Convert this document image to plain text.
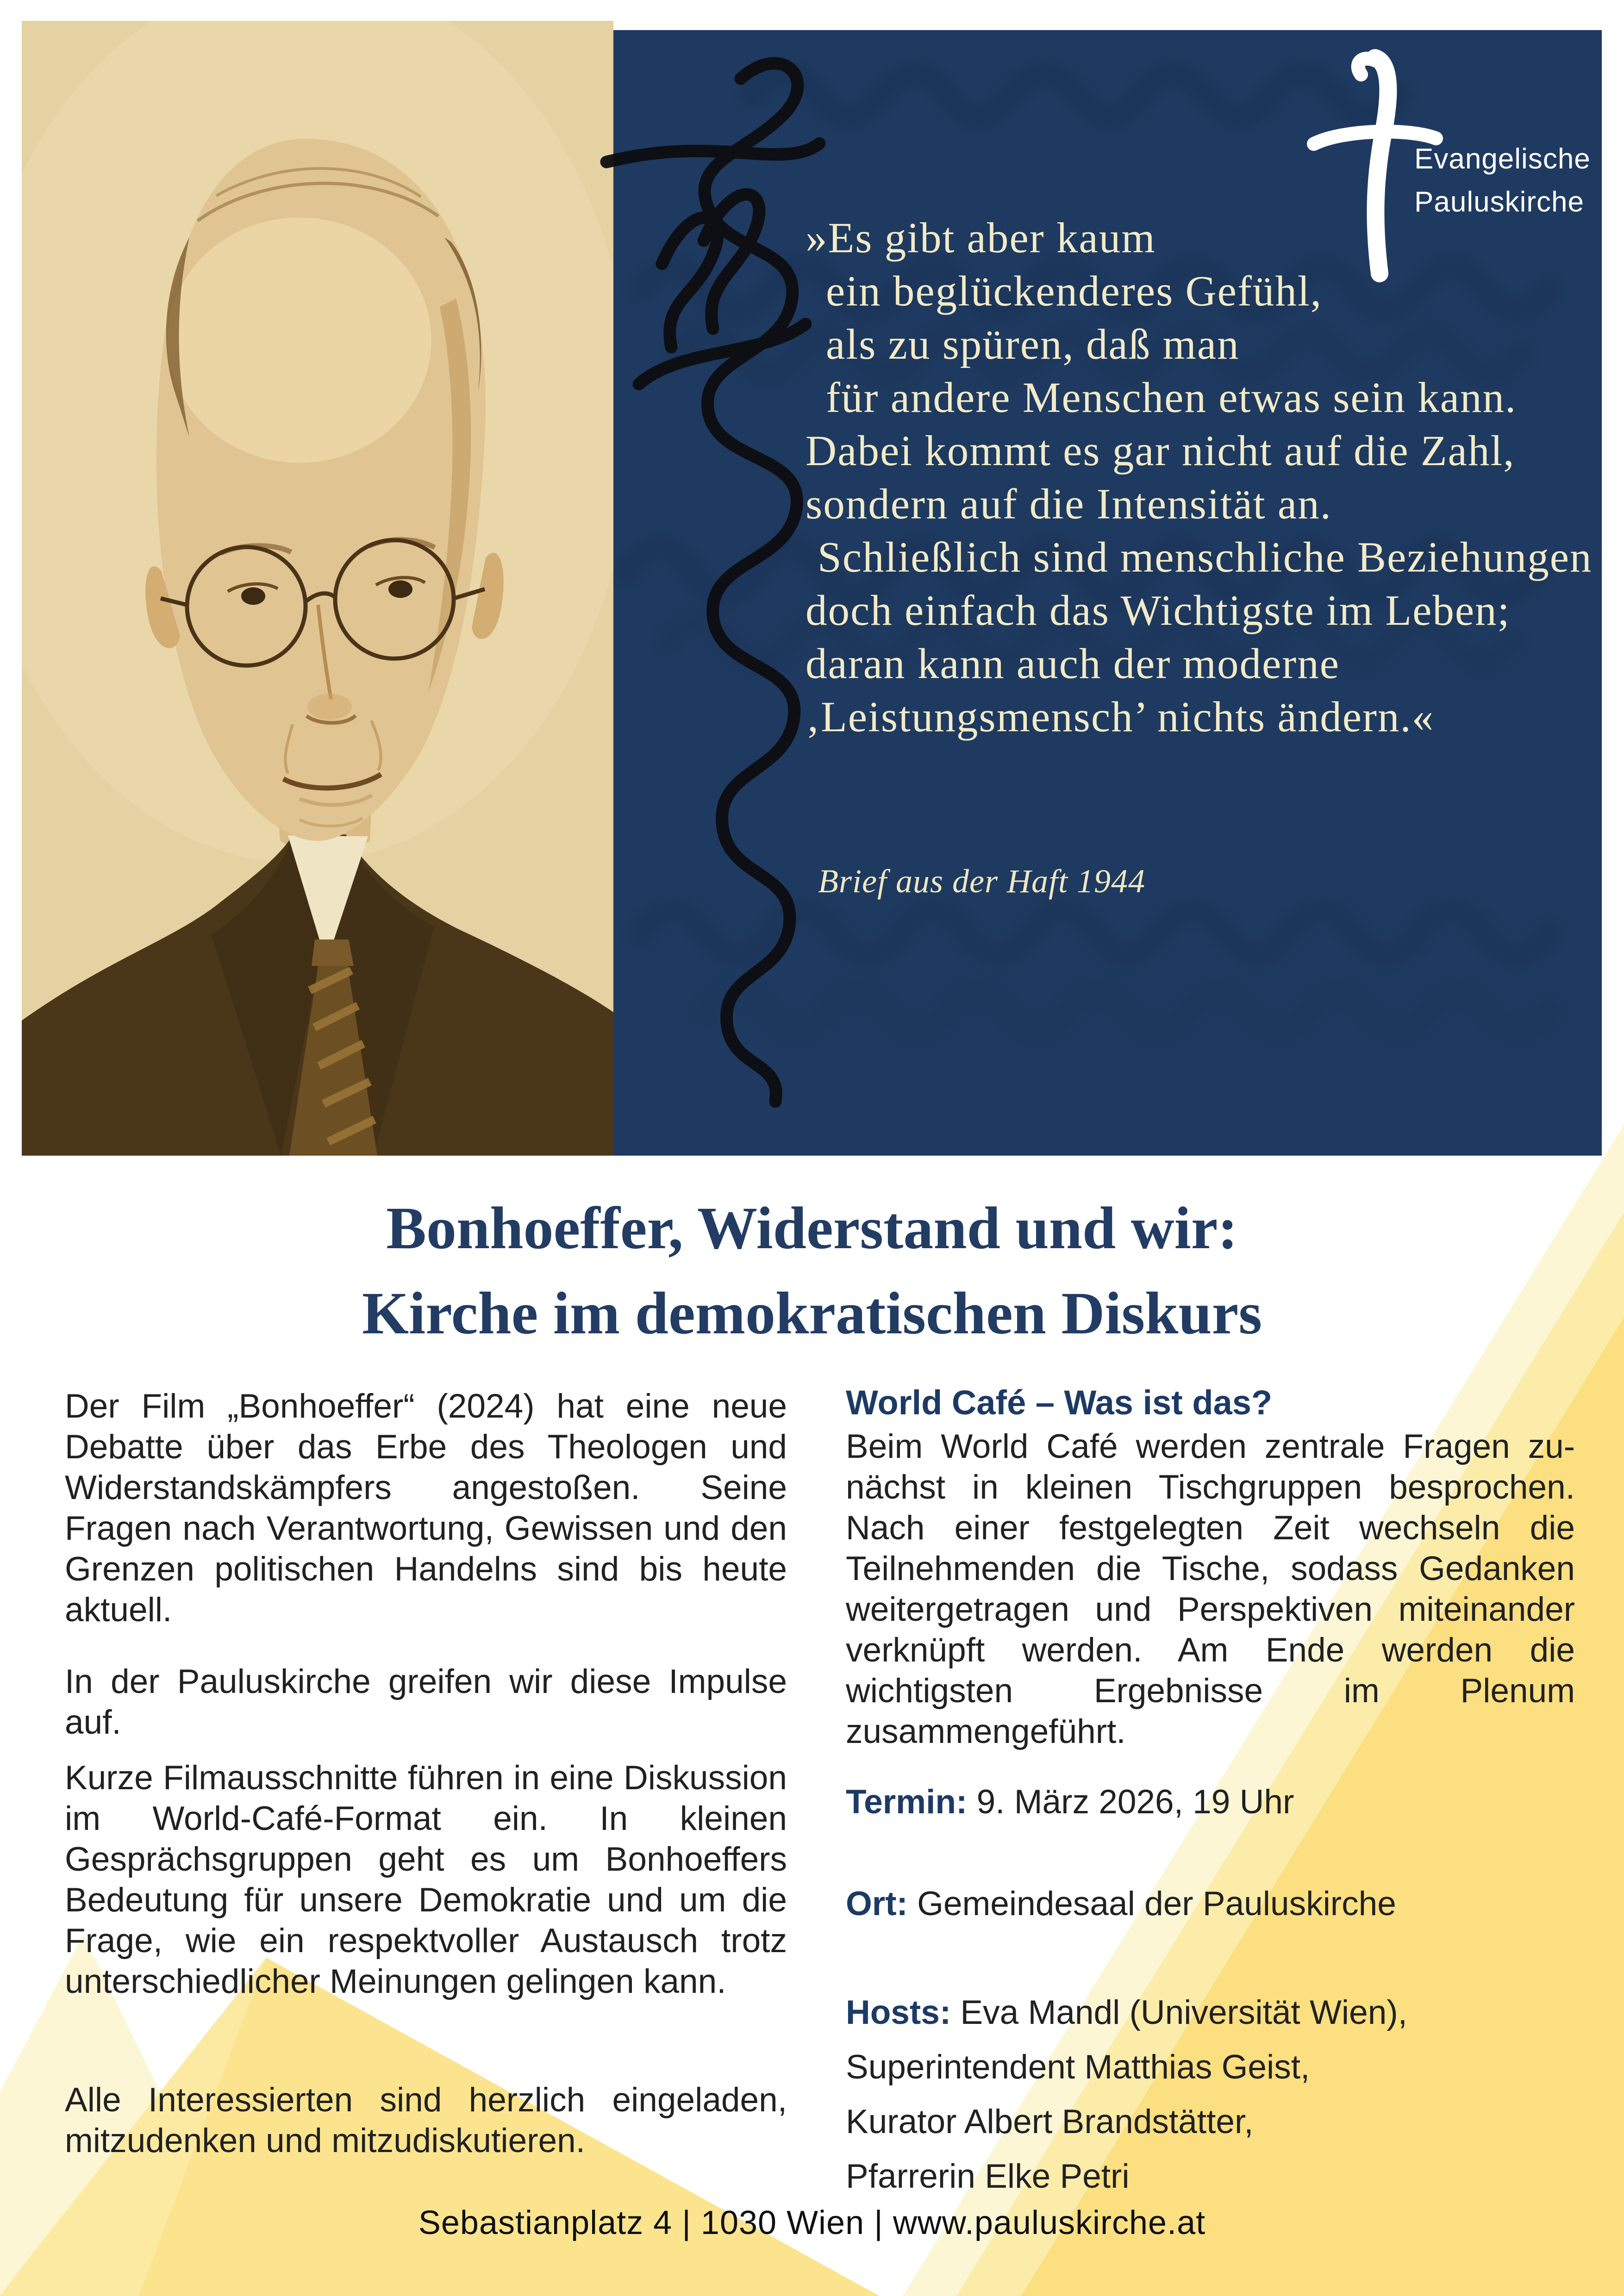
Evangelische
Pauluskirche
»Es gibt aber kaum
ein beglückenderes Gefühl,
als zu spüren, daß man
für andere Menschen etwas sein kann.
Dabei kommt es gar nicht auf die Zahl,
sondern auf die Intensität an.
Schließlich sind menschliche Beziehungen
doch einfach das Wichtigste im Leben;
daran kann auch der moderne
‚Leistungsmensch’ nichts ändern.«
Brief aus der Haft 1944
Bonhoeffer, Widerstand und wir:
Kirche im demokratischen Diskurs
Der Film „Bonhoeffer“ (2024) hat eine neue Debatte über das Erbe des Theologen und Widerstandskämpfers angestoßen. Seine Fragen nach Verantwortung, Gewissen und den Grenzen politischen Handelns sind bis heute aktuell.
In der Pauluskirche greifen wir diese Impulse auf.
Kurze Filmausschnitte führen in eine Diskussion im World-Café-Format ein. In kleinen Gesprächsgruppen geht es um Bonhoeffers Bedeutung für unsere Demokratie und um die Frage, wie ein respektvoller Austausch trotz unterschiedlicher Meinungen gelingen kann.
Alle Interessierten sind herzlich eingeladen, mitzudenken und mitzudiskutieren.
World Café – Was ist das?
Beim World Café werden zentrale Fragen zunächst in kleinen Tischgruppen besprochen. Nach einer festgelegten Zeit wechseln die Teilnehmenden die Tische, sodass Gedanken weitergetragen und Perspektiven miteinander verknüpft werden. Am Ende werden die wichtigsten Ergebnisse im Plenum zusammengeführt.
Termin: 9. März 2026, 19 Uhr
Ort: Gemeindesaal der Pauluskirche
Hosts: Eva Mandl (Universität Wien),
Superintendent Matthias Geist,
Kurator Albert Brandstätter,
Pfarrerin Elke Petri
Sebastianplatz 4 | 1030 Wien | www.pauluskirche.at
